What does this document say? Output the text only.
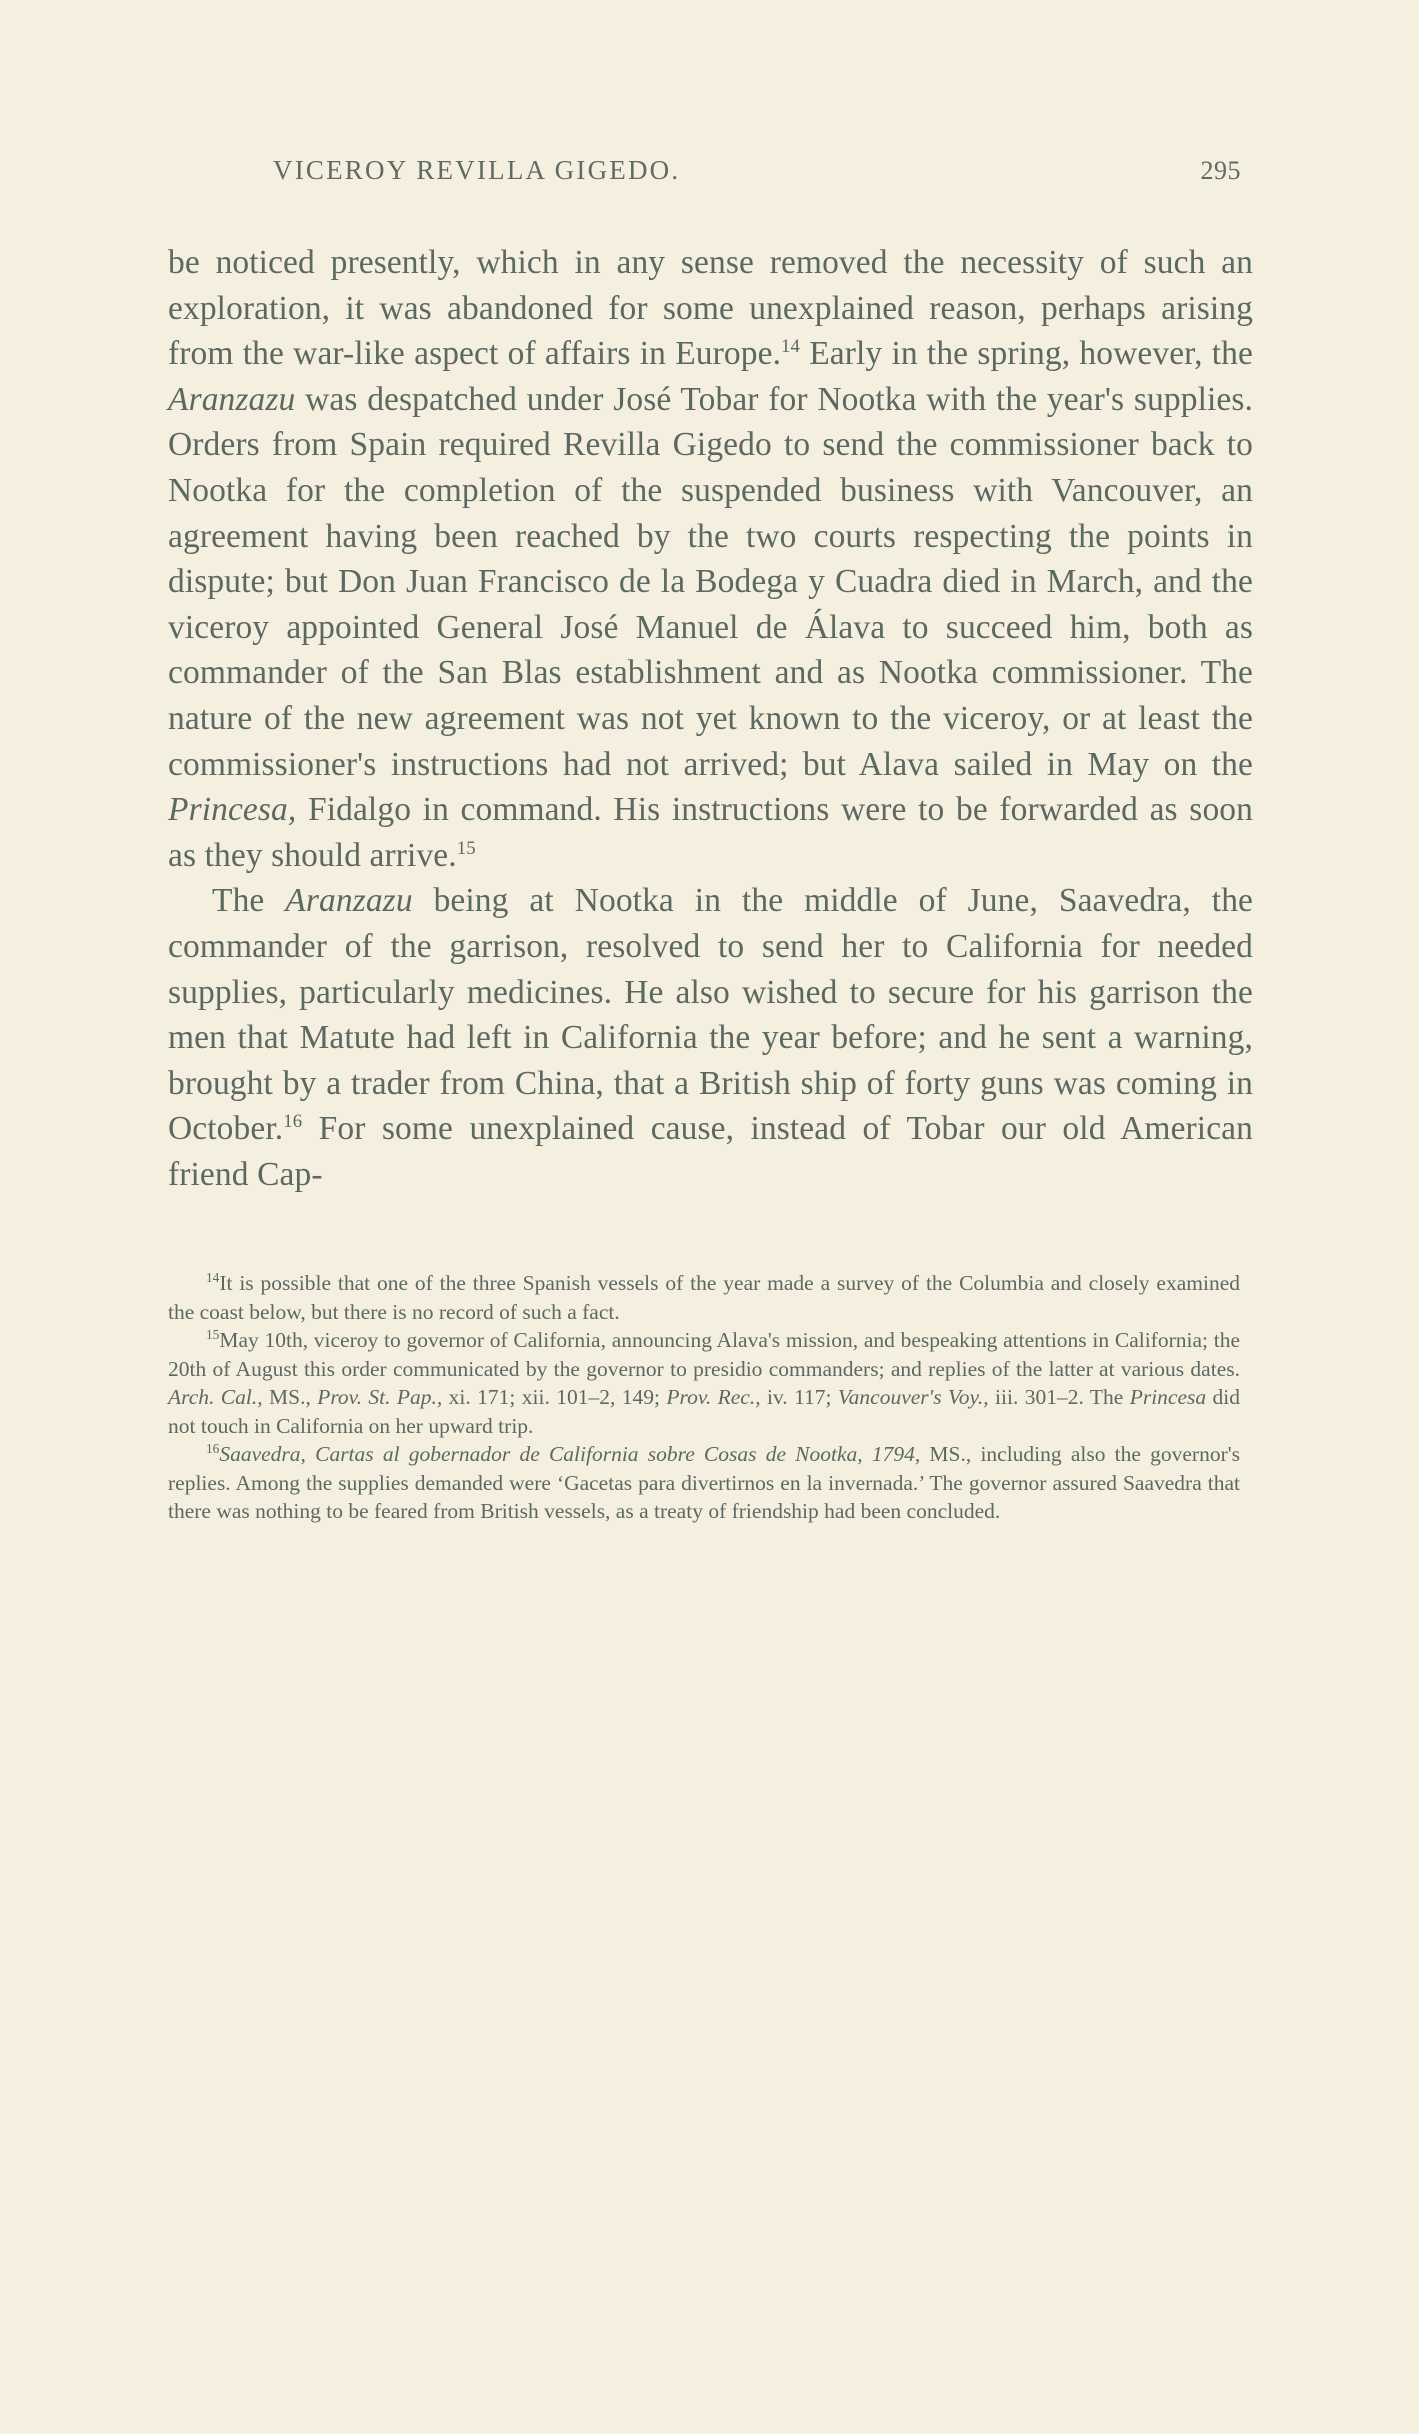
VICEROY REVILLA GIGEDO.	295

be noticed presently, which in any sense removed the necessity of such an exploration, it was abandoned for some unexplained reason, perhaps arising from the war-like aspect of affairs in Europe.$^{14}$ Early in the spring, however, the Aranzazu was despatched under José Tobar for Nootka with the year's supplies. Orders from Spain required Revilla Gigedo to send the commissioner back to Nootka for the completion of the suspended business with Vancouver, an agreement having been reached by the two courts respecting the points in dispute; but Don Juan Francisco de la Bodega y Cuadra died in March, and the viceroy appointed General José Manuel de Álava to succeed him, both as commander of the San Blas establishment and as Nootka commissioner. The nature of the new agreement was not yet known to the viceroy, or at least the commissioner's instructions had not arrived; but Alava sailed in May on the Princesa, Fidalgo in command. His instructions were to be forwarded as soon as they should arrive.$^{15}$

The Aranzazu being at Nootka in the middle of June, Saavedra, the commander of the garrison, resolved to send her to California for needed supplies, particularly medicines. He also wished to secure for his garrison the men that Matute had left in California the year before; and he sent a warning, brought by a trader from China, that a British ship of forty guns was coming in October.$^{16}$ For some unexplained cause, instead of Tobar our old American friend Cap-

$^{14}$It is possible that one of the three Spanish vessels of the year made a survey of the Columbia and closely examined the coast below, but there is no record of such a fact.

$^{15}$May 10th, viceroy to governor of California, announcing Alava's mission, and bespeaking attentions in California; the 20th of August this order communicated by the governor to presidio commanders; and replies of the latter at various dates. Arch. Cal., MS., Prov. St. Pap., xi. 171; xii. 101–2, 149; Prov. Rec., iv. 117; Vancouver's Voy., iii. 301–2. The Princesa did not touch in California on her upward trip.

$^{16}$Saavedra, Cartas al gobernador de California sobre Cosas de Nootka, 1794, MS., including also the governor's replies. Among the supplies demanded were ‘Gacetas para divertirnos en la invernada.’ The governor assured Saavedra that there was nothing to be feared from British vessels, as a treaty of friendship had been concluded.
